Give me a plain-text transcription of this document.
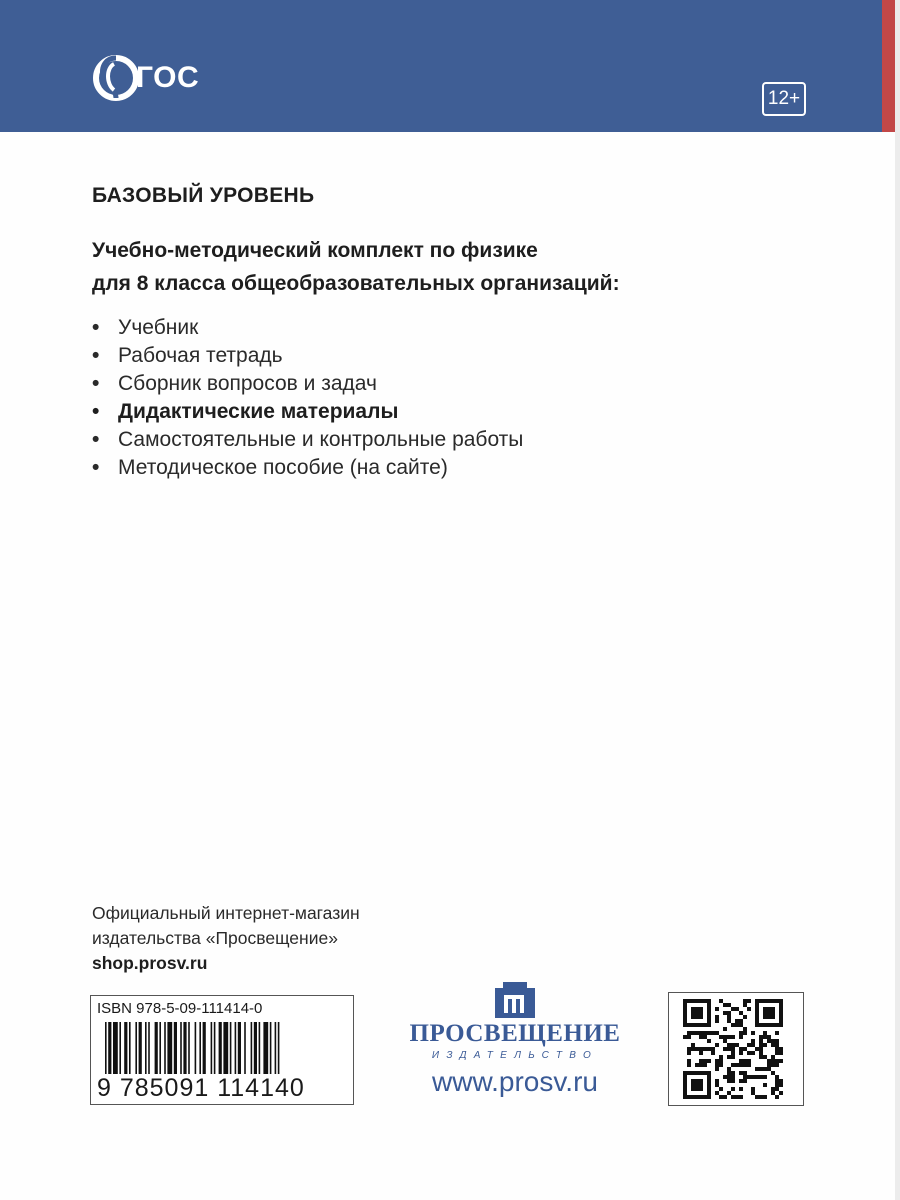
ГОС
12+
БАЗОВЫЙ УРОВЕНЬ
Учебно-методический комплект по физике
для 8 класса общеобразовательных организаций:
• Учебник
• Рабочая тетрадь
• Сборник вопросов и задач
• Дидактические материалы
• Самостоятельные и контрольные работы
• Методическое пособие (на сайте)
Официальный интернет-магазин
издательства «Просвещение»
shop.prosv.ru
ISBN 978-5-09-111414-0
9 785091 114140
ПРОСВЕЩЕНИЕ
ИЗДАТЕЛЬСТВО
www.prosv.ru
